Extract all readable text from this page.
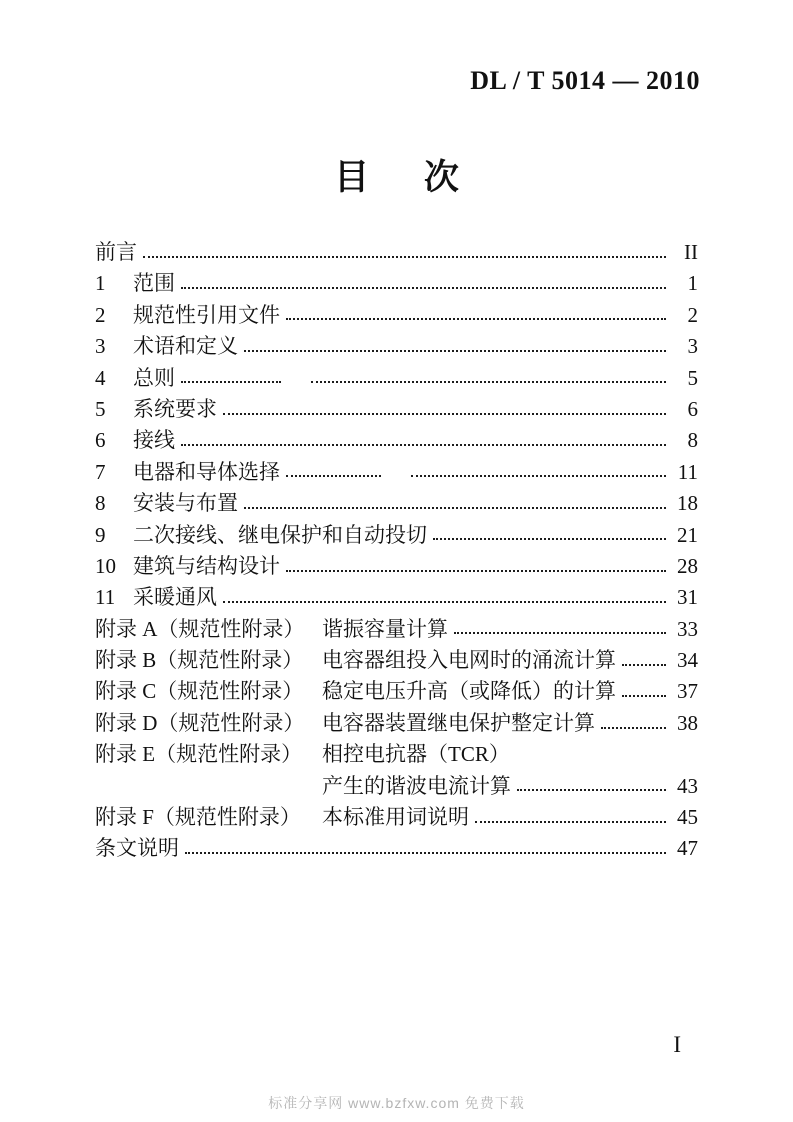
DL / T 5014 — 2010
目 次
前言	II
1	范围	1
2	规范性引用文件	2
3	术语和定义	3
4	总则	5
5	系统要求	6
6	接线	8
7	电器和导体选择	11
8	安装与布置	18
9	二次接线、继电保护和自动投切	21
10 建筑与结构设计	28
11 采暖通风	31
附录 A（规范性附录） 谐振容量计算	33
附录 B（规范性附录） 电容器组投入电网时的涌流计算	34
附录 C（规范性附录） 稳定电压升高（或降低）的计算	37
附录 D（规范性附录） 电容器装置继电保护整定计算	38
附录 E（规范性附录） 相控电抗器（TCR）
产生的谐波电流计算	43
附录 F（规范性附录）	本标准用词说明	45
条文说明	47
I
标准分享网 www.bzfxw.com 免费下载
